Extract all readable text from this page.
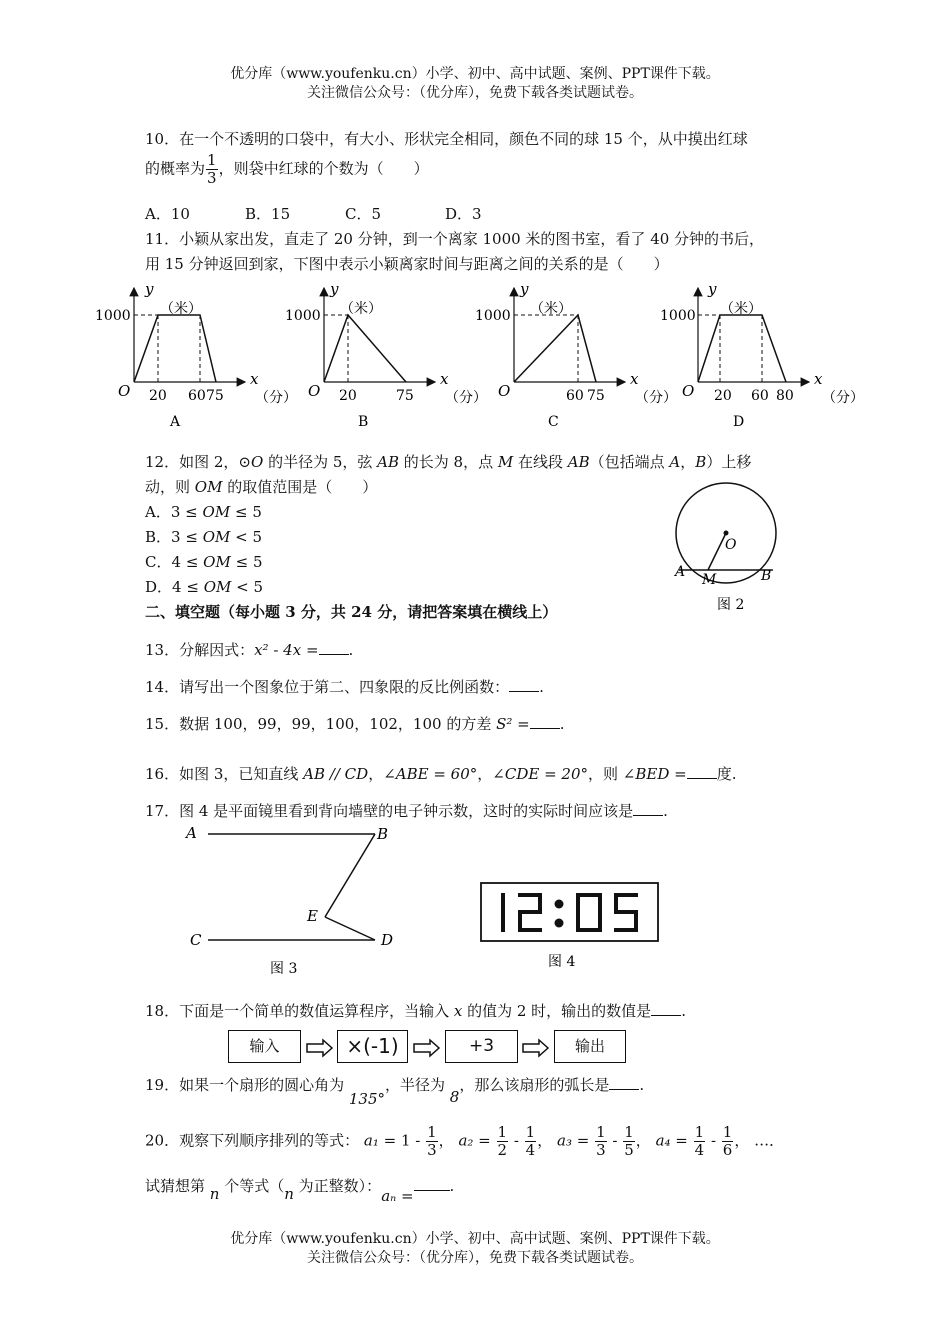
优分库（www.youfenku.cn）小学、初中、高中试题、案例、PPT课件下载。
关注微信公众号：（优分库），免费下载各类试题试卷。
10．在一个不透明的口袋中，有大小、形状完全相同，颜色不同的球 15 个，从中摸出红球
的概率为 $\frac{1}{3}$ ，则袋中红球的个数为（　　）
A．10	B．15	C．5	D．3
11．小颖从家出发，直走了 20 分钟，到一个离家 1000 米的图书室，看了 40 分钟的书后，
用 15 分钟返回到家，下图中表示小颖离家时间与距离之间的关系的是（　　）
y
（米）
1000
O
x
20 60 75 （分）
A
y
（米）
1000
O
x
20	75 （分）
B
y
（米）
1000
O
x
60 75 （分）
C
y
（米）
1000
O
x
20 60 80 （分）
D
12．如图 2，⊙O 的半径为 5，弦 AB 的长为 8，点 M 在线段 AB（包括端点 A，B）上移
动，则 OM 的取值范围是（　　）
A．3 ≤ OM ≤ 5
B．3 ≤ OM < 5
C．4 ≤ OM ≤ 5
D．4 ≤ OM < 5
O
A M	B
图 2
二、填空题（每小题 3 分，共 24 分，请把答案填在横线上）
13．分解因式：x² - 4x = .
14．请写出一个图象位于第二、四象限的反比例函数： .
15．数据 100，99，99，100，102，100 的方差 S² = .
16．如图 3，已知直线 AB // CD，∠ABE = 60°，∠CDE = 20°，则 ∠BED = 度.
17．图 4 是平面镜里看到背向墙壁的电子钟示数，这时的实际时间应该是 .
A	B
C	D
E
图 3	图 4
18．下面是一个简单的数值运算程序，当输入 x 的值为 2 时，输出的数值是 .
输入	×(-1)	+3	输出
19．如果一个扇形的圆心角为 135°，半径为 8，那么该扇形的弧长是 .
20．观察下列顺序排列的等式： $a_1 = 1 - \frac{1}{3}$ ， $a_2 = \frac{1}{2} - \frac{1}{4}$ ， $a_3 = \frac{1}{3} - \frac{1}{5}$ ， $a_4 = \frac{1}{4} - \frac{1}{6}$ ， …．
试猜想第 n 个等式（n 为正整数）：aₙ =.
优分库（www.youfenku.cn）小学、初中、高中试题、案例、PPT课件下载。
关注微信公众号：（优分库），免费下载各类试题试卷。
